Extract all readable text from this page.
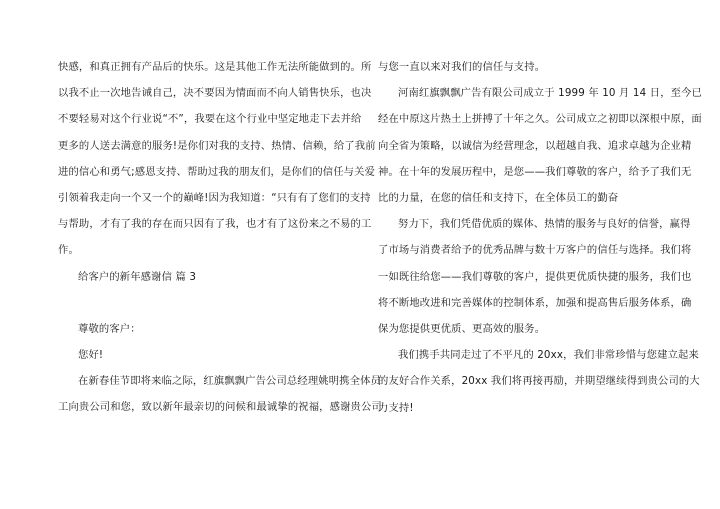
快感，和真正拥有产品后的快乐。这是其他工作无法所能做到的。所
以我不止一次地告诫自己，决不要因为情面而不向人销售快乐，也决
不要轻易对这个行业说“不”，我要在这个行业中坚定地走下去并给
更多的人送去满意的服务!是你们对我的支持、热情、信赖，给了我前
进的信心和勇气;感恩支持、帮助过我的朋友们，是你们的信任与关爱
引领着我走向一个又一个的巅峰!因为我知道：“只有有了您们的支持
与帮助，才有了我的存在而只因有了我，也才有了这份来之不易的工
作。
给客户的新年感谢信 篇 3
尊敬的客户：
您好!
在新春佳节即将来临之际，红旗飘飘广告公司总经理姚明携全体员
工向贵公司和您，致以新年最亲切的问候和最诚挚的祝福，感谢贵公司
与您一直以来对我们的信任与支持。
河南红旗飘飘广告有限公司成立于 1999 年 10 月 14 日，至今已
经在中原这片热土上拼搏了十年之久。公司成立之初即以深根中原，面
向全省为策略，以诚信为经营理念，以超越自我、追求卓越为企业精
神。在十年的发展历程中，是您——我们尊敬的客户，给予了我们无
比的力量，在您的信任和支持下，在全体员工的勤奋
努力下，我们凭借优质的媒体、热情的服务与良好的信誉，赢得
了市场与消费者给予的优秀品牌与数十万客户的信任与选择。我们将
一如既往给您——我们尊敬的客户，提供更优质快捷的服务，我们也
将不断地改进和完善媒体的控制体系，加强和提高售后服务体系，确
保为您提供更优质、更高效的服务。
我们携手共同走过了不平凡的 20xx，我们非常珍惜与您建立起来
的友好合作关系，20xx 我们将再接再励，并期望继续得到贵公司的大
力支持!
